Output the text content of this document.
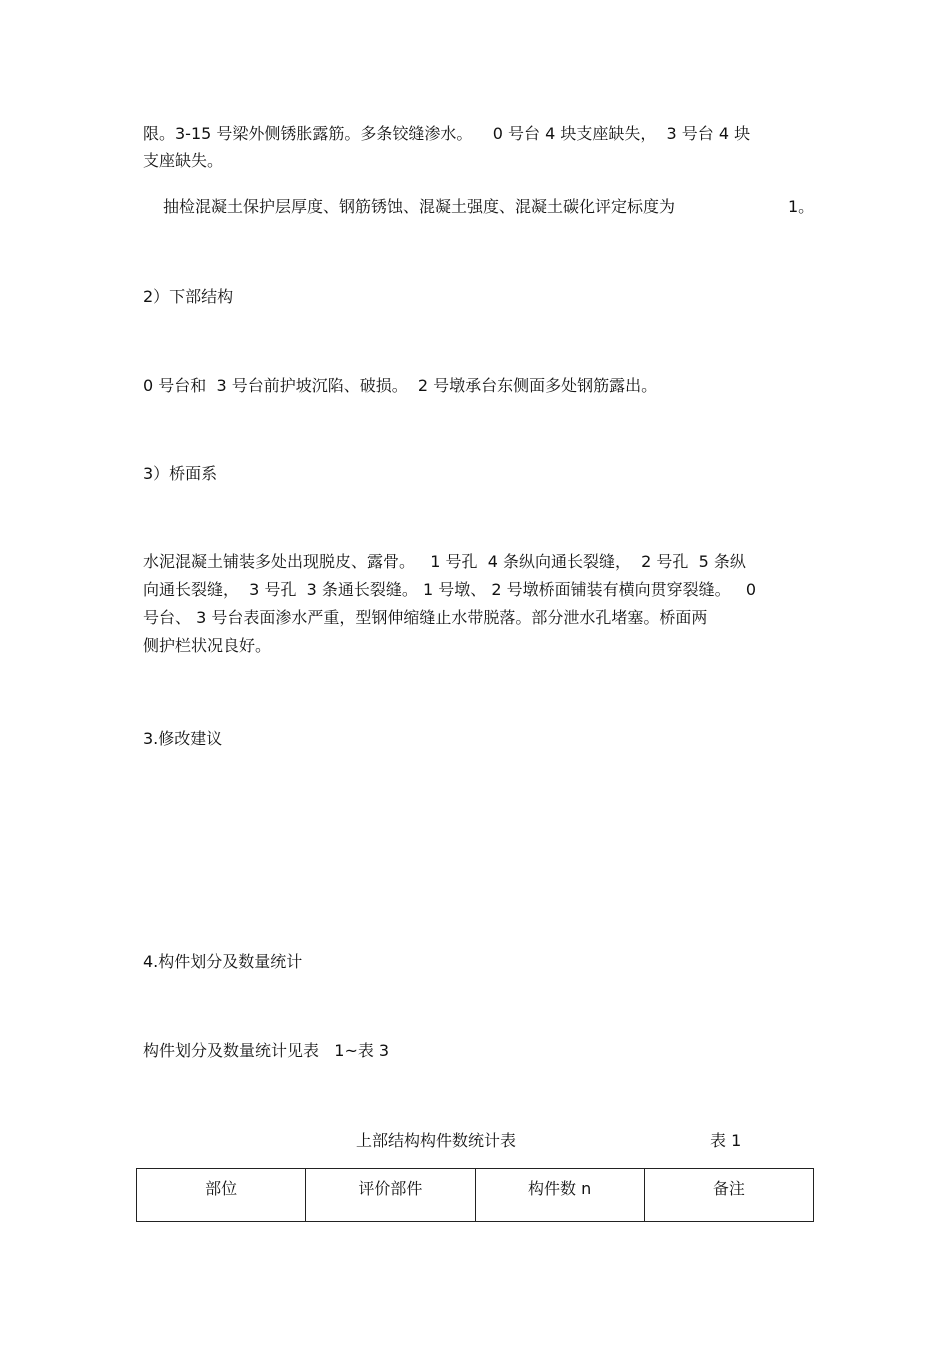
限。3-15 号梁外侧锈胀露筋。多条铰缝渗水。    0 号台 4 块支座缺失，  3 号台 4 块
支座缺失。
抽检混凝土保护层厚度、钢筋锈蚀、混凝土强度、混凝土碳化评定标度为	1。
2）下部结构
0 号台和  3 号台前护坡沉陷、破损。  2 号墩承台东侧面多处钢筋露出。
3）桥面系
水泥混凝土铺装多处出现脱皮、露骨。   1 号孔  4 条纵向通长裂缝，  2 号孔  5 条纵
向通长裂缝，  3 号孔  3 条通长裂缝。 1 号墩、 2 号墩桥面铺装有横向贯穿裂缝。   0
号台、 3 号台表面渗水严重，型钢伸缩缝止水带脱落。部分泄水孔堵塞。桥面两
侧护栏状况良好。
3.修改建议
4.构件划分及数量统计
构件划分及数量统计见表   1~表 3
上部结构构件数统计表	表 1
部位	评价部件	构件数 n	备注
